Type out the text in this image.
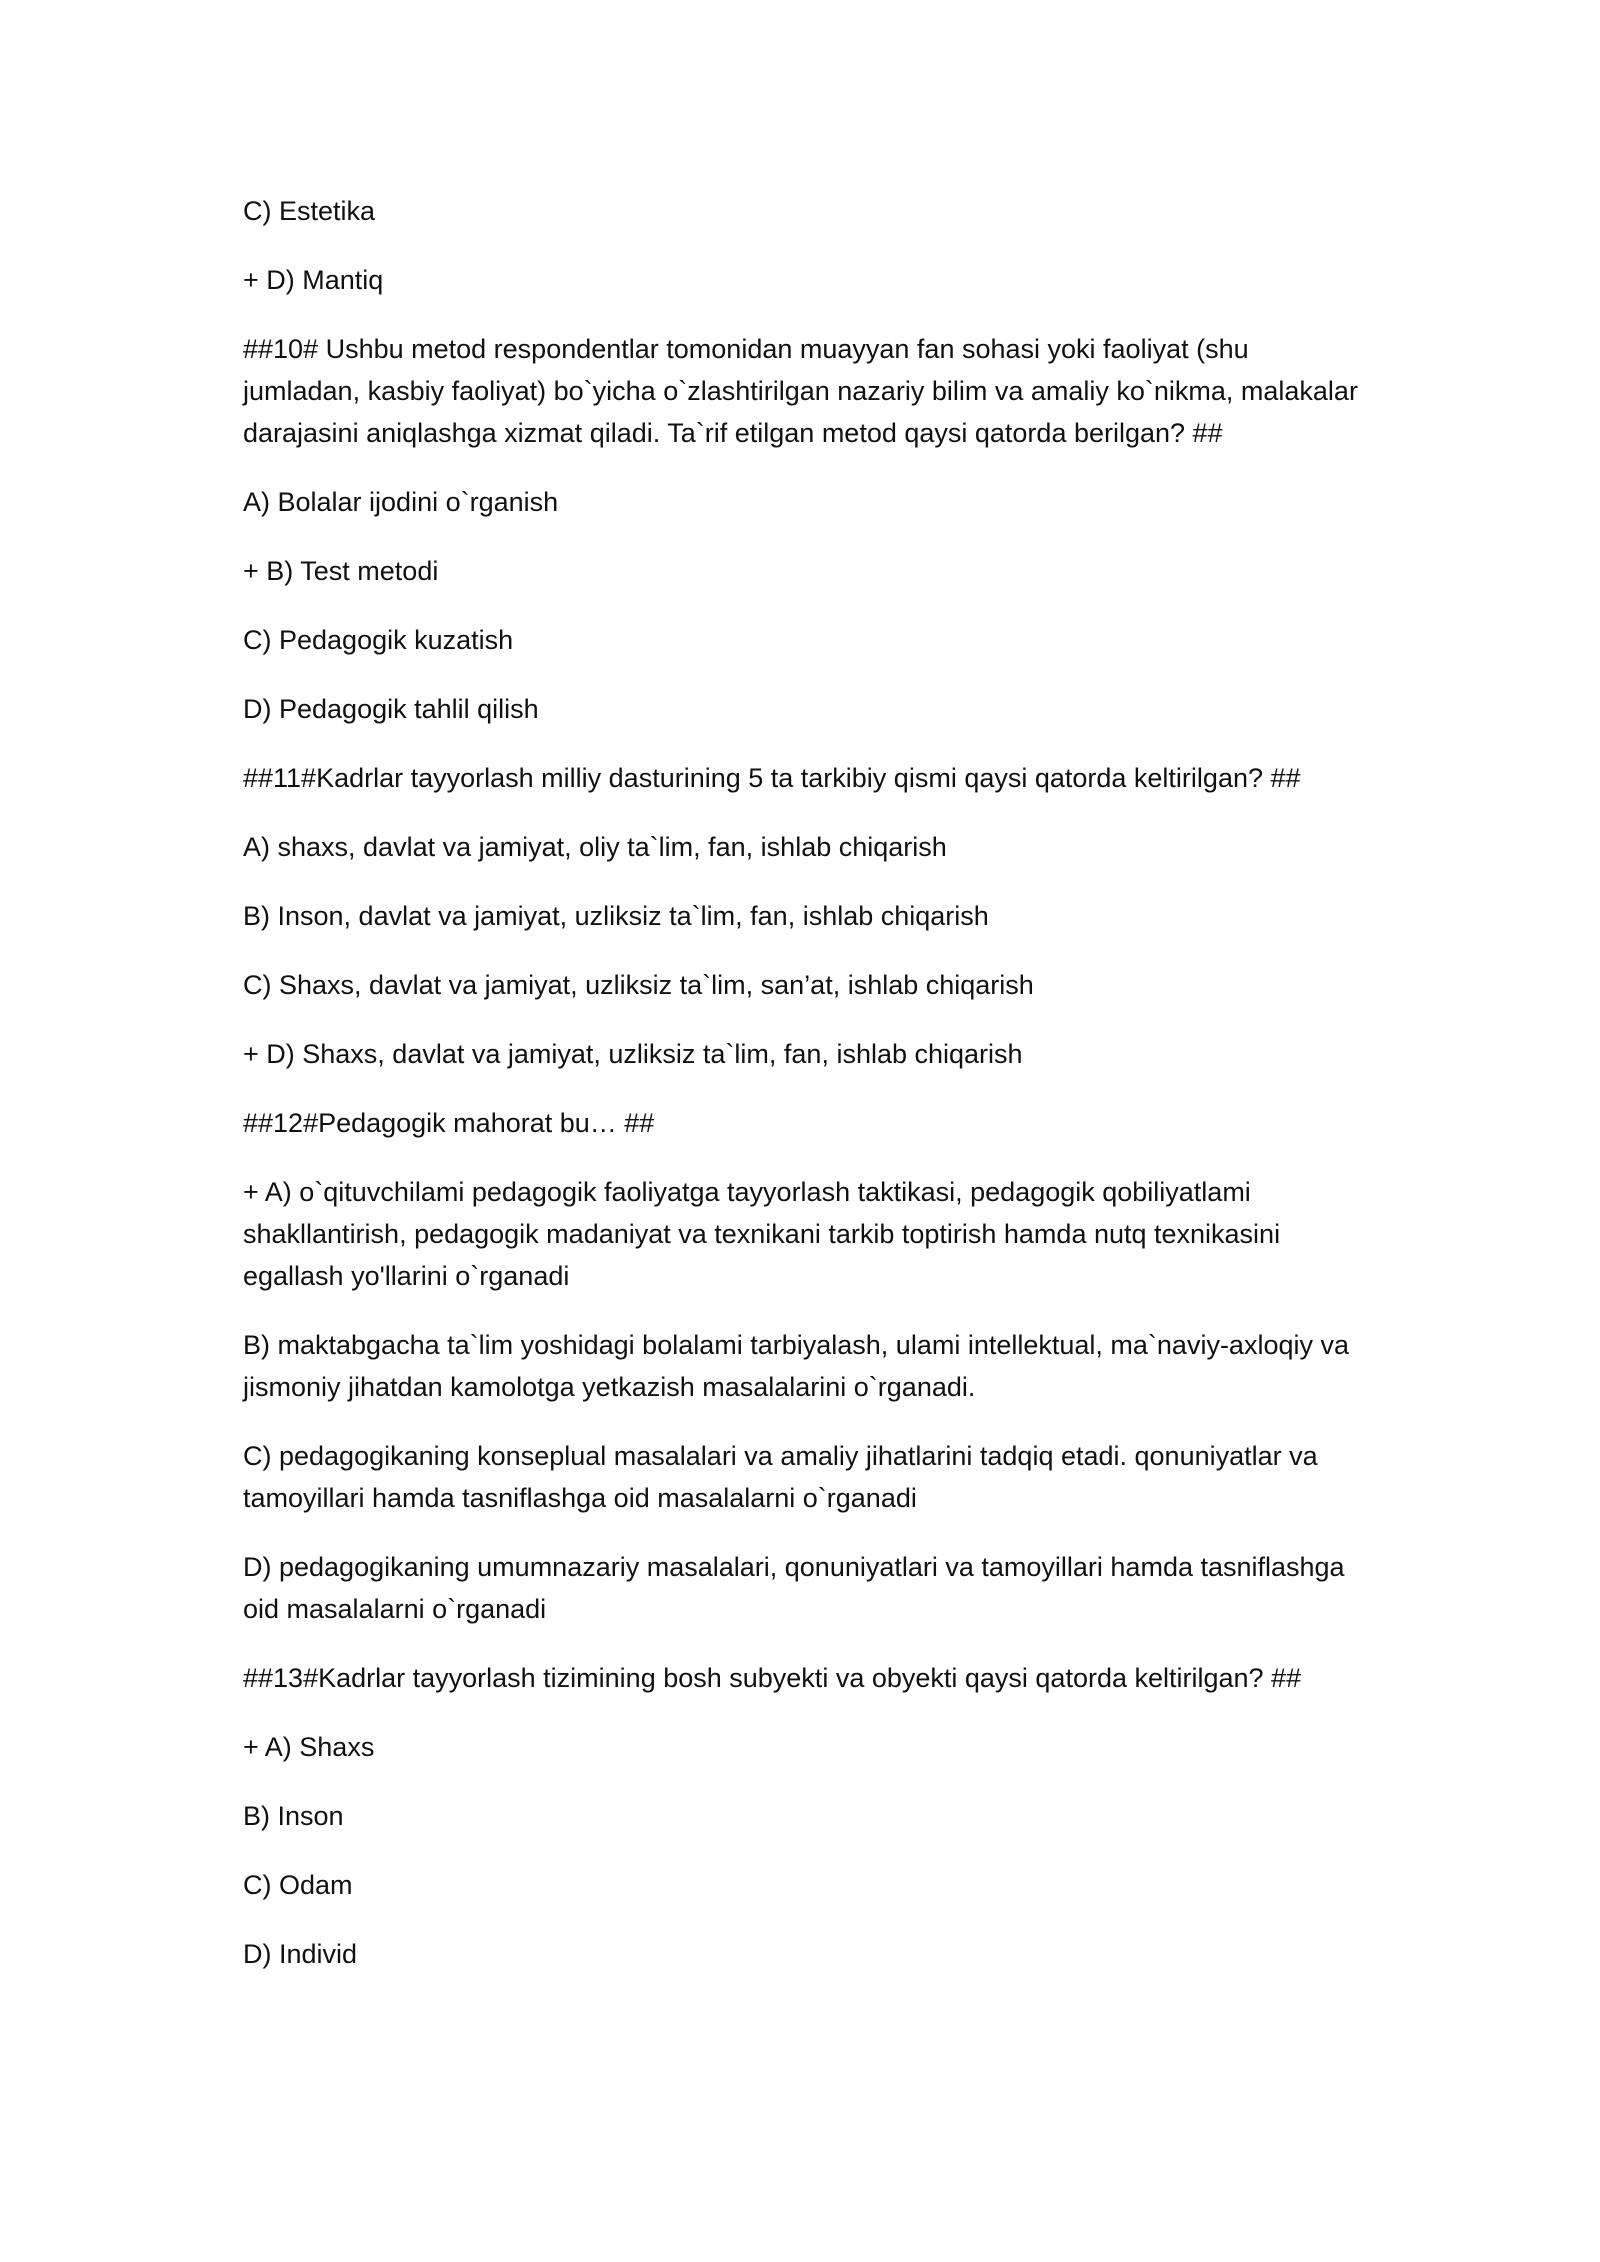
C) Estetika

+ D) Mantiq

##10# Ushbu metod respondentlar tomonidan muayyan fan sohasi yoki faoliyat (shu jumladan, kasbiy faoliyat) bo`yicha o`zlashtirilgan nazariy bilim va amaliy ko`nikma, malakalar darajasini aniqlashga xizmat qiladi. Ta`rif etilgan metod qaysi qatorda berilgan? ##

A) Bolalar ijodini o`rganish

+ B) Test metodi

C) Pedagogik kuzatish

D) Pedagogik tahlil qilish

##11#Kadrlar tayyorlash milliy dasturining 5 ta tarkibiy qismi qaysi qatorda keltirilgan? ##

A) shaxs, davlat va jamiyat, oliy ta`lim, fan, ishlab chiqarish

B) Inson, davlat va jamiyat, uzliksiz ta`lim, fan, ishlab chiqarish

C) Shaxs, davlat va jamiyat, uzliksiz ta`lim, san’at, ishlab chiqarish

+ D) Shaxs, davlat va jamiyat, uzliksiz ta`lim, fan, ishlab chiqarish

##12#Pedagogik mahorat bu… ##

+ A) o`qituvchilami pedagogik faoliyatga tayyorlash taktikasi, pedagogik qobiliyatlami shakllantirish, pedagogik madaniyat va texnikani tarkib toptirish hamda nutq texnikasini egallash yo'llarini o`rganadi

B) maktabgacha ta`lim yoshidagi bolalami tarbiyalash, ulami intellektual, ma`naviy-axloqiy va jismoniy jihatdan kamolotga yetkazish masalalarini o`rganadi.

C) pedagogikaning konseplual masalalari va amaliy jihatlarini tadqiq etadi. qonuniyatlar va tamoyillari hamda tasniflashga oid masalalarni o`rganadi

D) pedagogikaning umumnazariy masalalari, qonuniyatlari va tamoyillari hamda tasniflashga oid masalalarni o`rganadi

##13#Kadrlar tayyorlash tizimining bosh subyekti va obyekti qaysi qatorda keltirilgan? ##

+ A) Shaxs

B) Inson

C) Odam

D) Individ
